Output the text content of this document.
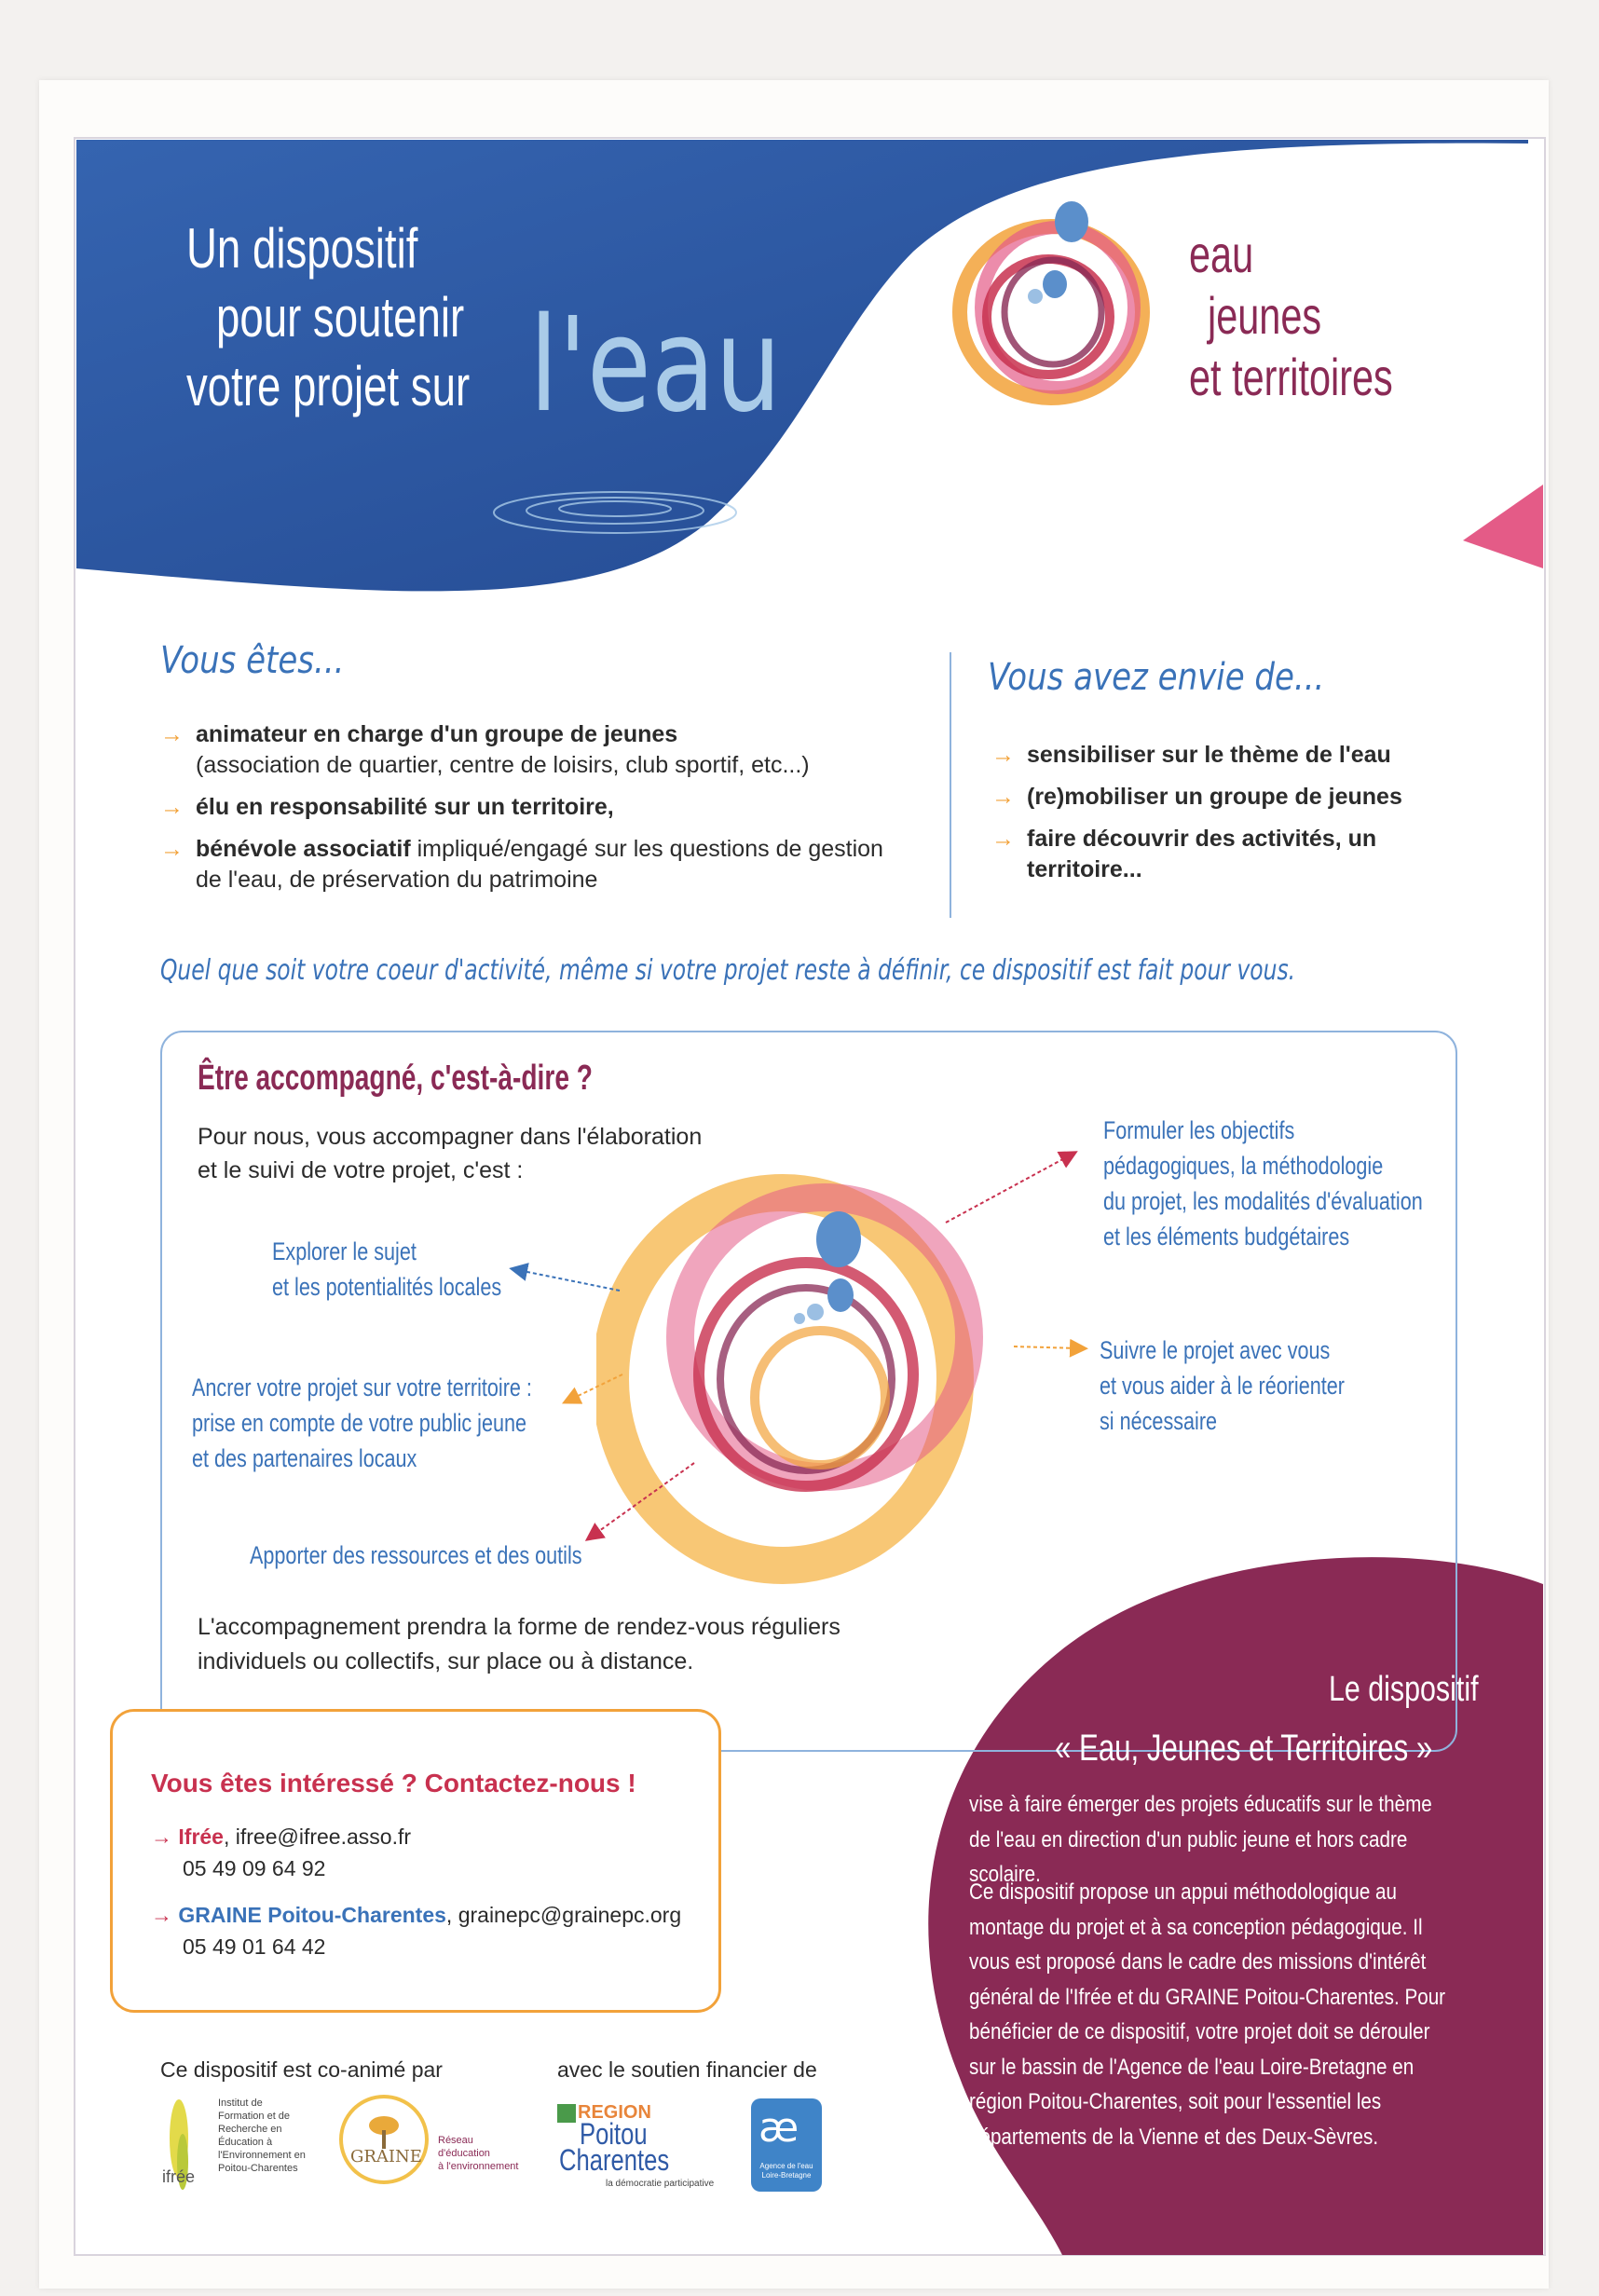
Un dispositif
pour soutenir
votre projet sur l'eau
eau
jeunes
et territoires
Vous êtes...
→ animateur en charge d'un groupe de jeunes
(association de quartier, centre de loisirs, club sportif, etc...)
→ élu en responsabilité sur un territoire,
→ bénévole associatif impliqué/engagé sur les questions de gestion de l'eau, de préservation du patrimoine
Vous avez envie de...
→ sensibiliser sur le thème de l'eau
→ (re)mobiliser un groupe de jeunes
→ faire découvrir des activités, un territoire...
Quel que soit votre coeur d'activité, même si votre projet reste à définir, ce dispositif est fait pour vous.
Être accompagné, c'est-à-dire ?
Pour nous, vous accompagner dans l'élaboration et le suivi de votre projet, c'est :
Explorer le sujet
et les potentialités locales
Formuler les objectifs
pédagogiques, la méthodologie
du projet, les modalités d'évaluation
et les éléments budgétaires
Ancrer votre projet sur votre territoire :
prise en compte de votre public jeune
et des partenaires locaux
Suivre le projet avec vous
et vous aider à le réorienter
si nécessaire
Apporter des ressources et des outils
L'accompagnement prendra la forme de rendez-vous réguliers individuels ou collectifs, sur place ou à distance.
Vous êtes intéressé ? Contactez-nous !
→ Ifrée, ifree@ifree.asso.fr
05 49 09 64 92
→ GRAINE Poitou-Charentes, grainepc@grainepc.org
05 49 01 64 42
Ce dispositif est co-animé par	avec le soutien financier de
ifrée
Institut de
Formation et de
Recherche en
Éducation à
l'Environnement en
Poitou-Charentes
GRAINE
Réseau
d'éducation
à l'environnement
REGION
Poitou
Charentes
la démocratie participative
æ
Agence de l'eau
Loire-Bretagne
Le dispositif
« Eau, Jeunes et Territoires »
vise à faire émerger des projets éducatifs sur le thème de l'eau en direction d'un public jeune et hors cadre scolaire.
Ce dispositif propose un appui méthodologique au montage du projet et à sa conception pédagogique. Il vous est proposé dans le cadre des missions d'intérêt général de l'Ifrée et du GRAINE Poitou-Charentes. Pour bénéficier de ce dispositif, votre projet doit se dérouler sur le bassin de l'Agence de l'eau Loire-Bretagne en région Poitou-Charentes, soit pour l'essentiel les départements de la Vienne et des Deux-Sèvres.
